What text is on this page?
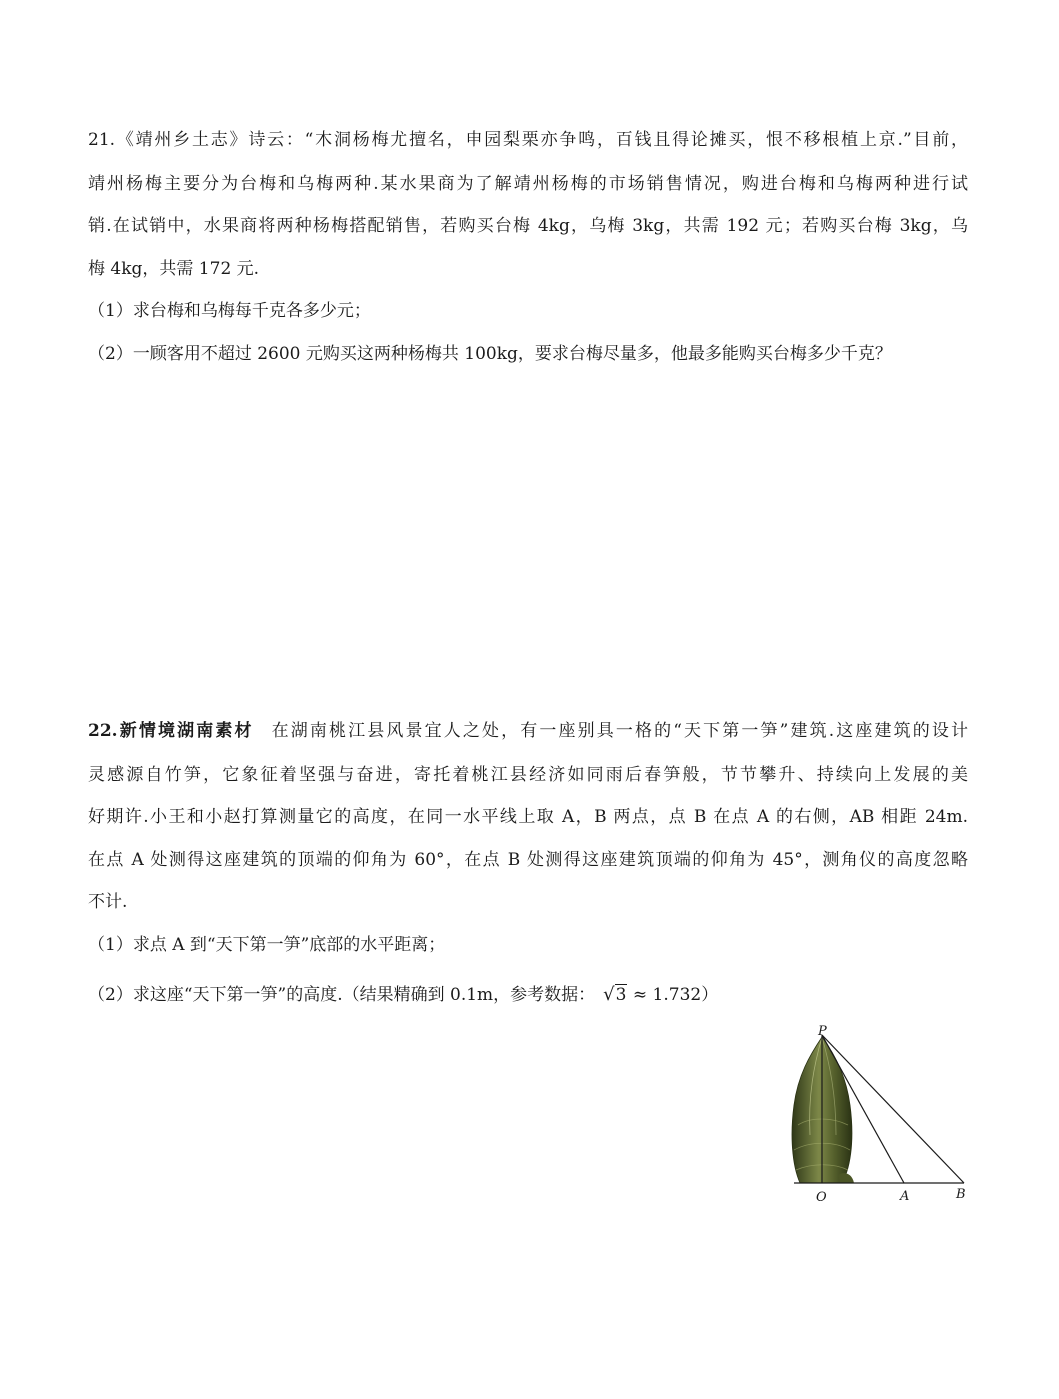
21.《靖州乡土志》诗云：“木洞杨梅尤擅名，申园梨栗亦争鸣，百钱且得论摊买，恨不移根植上京.”目前，

靖州杨梅主要分为台梅和乌梅两种.某水果商为了解靖州杨梅的市场销售情况，购进台梅和乌梅两种进行试

销.在试销中，水果商将两种杨梅搭配销售，若购买台梅 4kg，乌梅 3kg，共需 192 元；若购买台梅 3kg，乌

梅 4kg，共需 172 元.

（1）求台梅和乌梅每千克各多少元；

（2）一顾客用不超过 2600 元购买这两种杨梅共 100kg，要求台梅尽量多，他最多能购买台梅多少千克？

22.新情境湖南素材 在湖南桃江县风景宜人之处，有一座别具一格的“天下第一笋”建筑.这座建筑的设计

灵感源自竹笋，它象征着坚强与奋进，寄托着桃江县经济如同雨后春笋般，节节攀升、持续向上发展的美

好期许.小王和小赵打算测量它的高度，在同一水平线上取 A，B 两点，点 B 在点 A 的右侧，AB 相距 24m.

在点 A 处测得这座建筑的顶端的仰角为 60°，在点 B 处测得这座建筑顶端的仰角为 45°，测角仪的高度忽略

不计.

（1）求点 A 到“天下第一笋”底部的水平距离；

（2）求这座“天下第一笋”的高度.（结果精确到 0.1m，参考数据： √3 ≈ 1.732）

P
O	A	B
